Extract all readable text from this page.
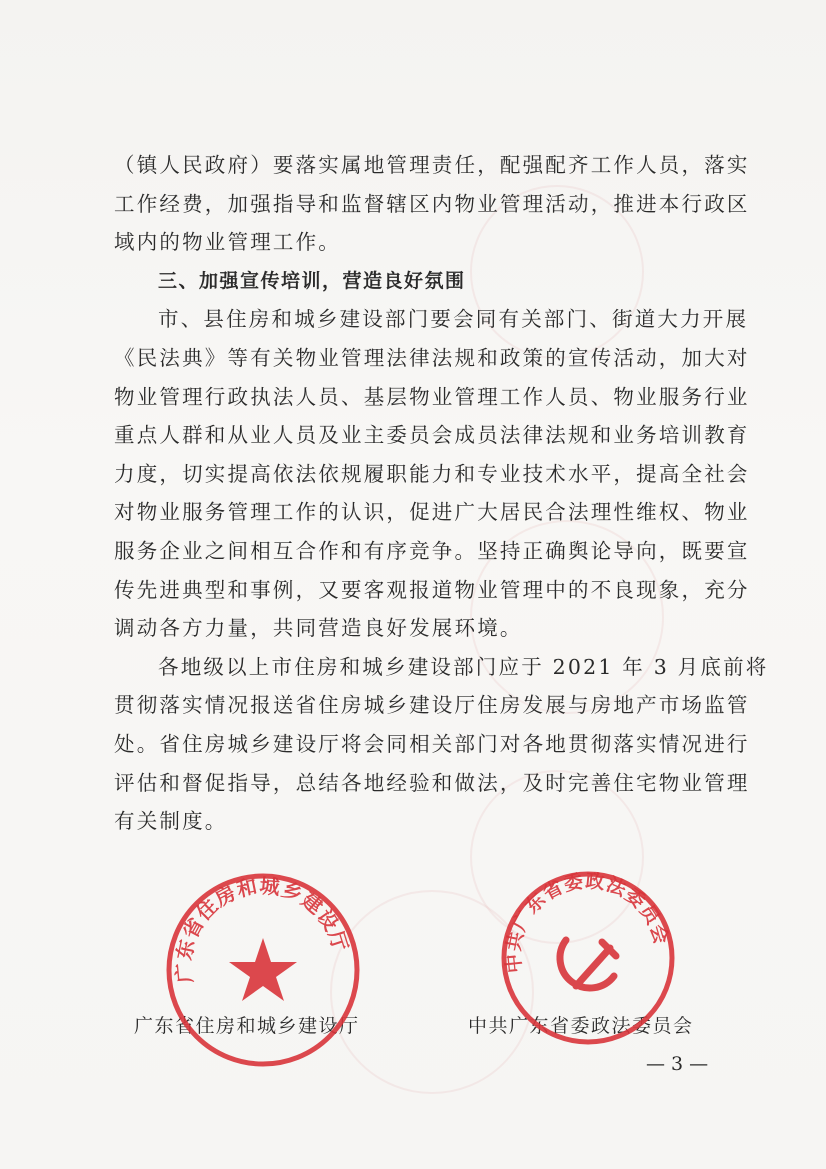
（镇人民政府）要落实属地管理责任，配强配齐工作人员，落实
工作经费，加强指导和监督辖区内物业管理活动，推进本行政区
域内的物业管理工作。
三、加强宣传培训，营造良好氛围
市、县住房和城乡建设部门要会同有关部门、街道大力开展
《民法典》等有关物业管理法律法规和政策的宣传活动，加大对
物业管理行政执法人员、基层物业管理工作人员、物业服务行业
重点人群和从业人员及业主委员会成员法律法规和业务培训教育
力度，切实提高依法依规履职能力和专业技术水平，提高全社会
对物业服务管理工作的认识，促进广大居民合法理性维权、物业
服务企业之间相互合作和有序竞争。坚持正确舆论导向，既要宣
传先进典型和事例，又要客观报道物业管理中的不良现象，充分
调动各方力量，共同营造良好发展环境。
各地级以上市住房和城乡建设部门应于 2021 年 3 月底前将
贯彻落实情况报送省住房城乡建设厅住房发展与房地产市场监管
处。省住房城乡建设厅将会同相关部门对各地贯彻落实情况进行
评估和督促指导，总结各地经验和做法，及时完善住宅物业管理
有关制度。
广东省住房和城乡建设厅	中共广东省委政法委员会
广东省住房和城乡建设厅
中共广东省委政法委员会
— 3 —
